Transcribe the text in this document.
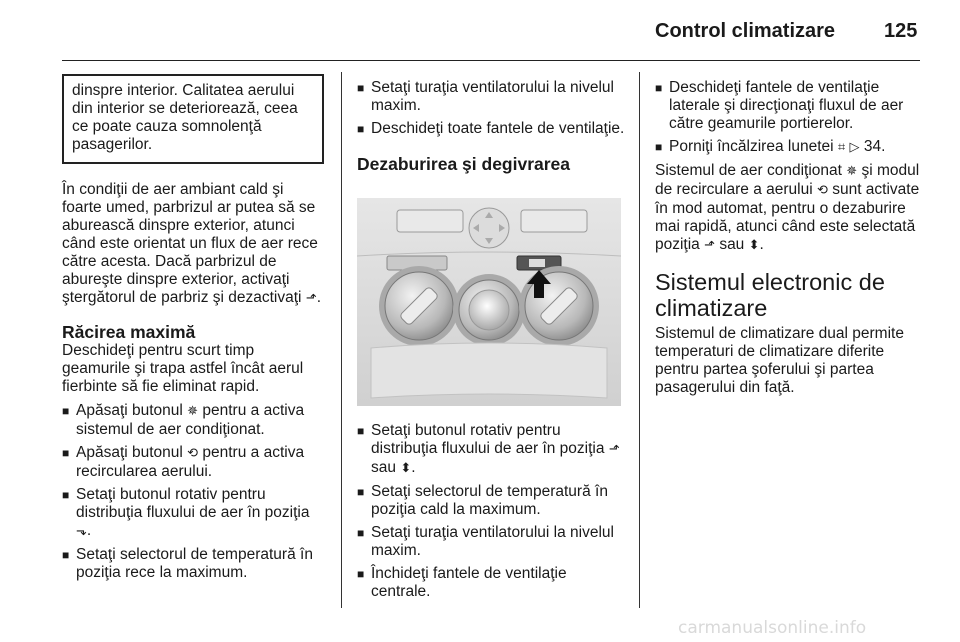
Control climatizare 125
dinspre interior. Calitatea aerului din interior se deteriorează, ceea ce poate cauza somnolenţă pasagerilor.

În condiţii de aer ambiant cald şi foarte umed, parbrizul ar putea să se aburească dinspre exterior, atunci când este orientat un flux de aer rece către acesta. Dacă parbrizul de abureşte dinspre exterior, activaţi ştergătorul de parbriz şi dezactivaţi ⬏.

Răcirea maximă

Deschideţi pentru scurt timp geamurile şi trapa astfel încât aerul fierbinte să fie eliminat rapid.

■ Apăsaţi butonul ✵ pentru a activa sistemul de aer condiţionat.
■ Apăsaţi butonul ⟲ pentru a activa recircularea aerului.
■ Setaţi butonul rotativ pentru distribuţia fluxului de aer în poziţia ⬎.
■ Setaţi selectorul de temperatură în poziţia rece la maximum.
■ Setaţi turaţia ventilatorului la nivelul maxim.
■ Deschideţi toate fantele de ventilaţie.

Dezaburirea şi degivrarea

■ Setaţi butonul rotativ pentru distribuţia fluxului de aer în poziţia ⬏ sau ⬍.
■ Setaţi selectorul de temperatură în poziţia cald la maximum.
■ Setaţi turaţia ventilatorului la nivelul maxim.
■ Închideţi fantele de ventilaţie centrale.
■ Deschideţi fantele de ventilaţie laterale şi direcţionaţi fluxul de aer către geamurile portierelor.
■ Porniţi încălzirea lunetei ⌗ ▷ 34.

Sistemul de aer condiţionat ✵ şi modul de recirculare a aerului ⟲ sunt activate în mod automat, pentru o dezaburire mai rapidă, atunci când este selectată poziţia ⬏ sau ⬍.

Sistemul electronic de climatizare

Sistemul de climatizare dual permite temperaturi de climatizare diferite pentru partea şoferului şi partea pasagerului din faţă.

carmanualsonline.info
